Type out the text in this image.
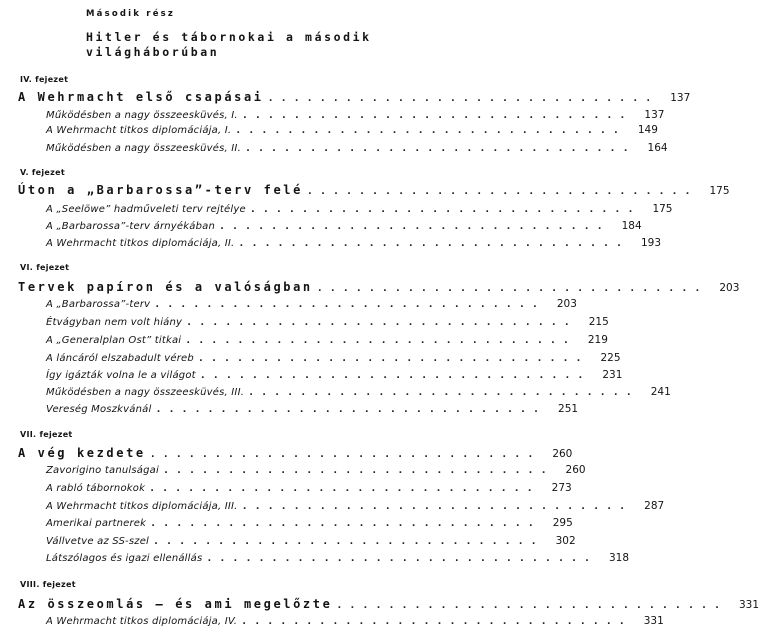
Második rész
Hitler és tábornokai a második világháborúban
IV. fejezet
A Wehrmacht első csapásai ..............................	137
Működésben a nagy összeesküvés, I. ..............................	137
A Wehrmacht titkos diplomáciája, I. ..............................	149
Működésben a nagy összeesküvés, II. ..............................	164
V. fejezet
Úton a „Barbarossa”-terv felé ..............................	175
A „Seelöwe” hadműveleti terv rejtélye ..............................	175
A „Barbarossa”-terv árnyékában ..............................	184
A Wehrmacht titkos diplomáciája, II. ..............................	193
VI. fejezet
Tervek papíron és a valóságban ..............................	203
A „Barbarossa”-terv ..............................	203
Étvágyban nem volt hiány ..............................	215
A „Generalplan Ost” titkai ..............................	219
A láncáról elszabadult véreb ..............................	225
Így igázták volna le a világot ..............................	231
Működésben a nagy összeesküvés, III. ..............................	241
Vereség Moszkvánál ..............................	251
VII. fejezet
A vég kezdete ..............................	260
Zavorigino tanulságai ..............................	260
A rabló tábornokok ..............................	273
A Wehrmacht titkos diplomáciája, III. ..............................	287
Amerikai partnerek ..............................	295
Vállvetve az SS-szel ..............................	302
Látszólagos és igazi ellenállás ..............................	318
VIII. fejezet
Az összeomlás — és ami megelőzte ..............................	331
A Wehrmacht titkos diplomáciája, IV. ..............................	331
